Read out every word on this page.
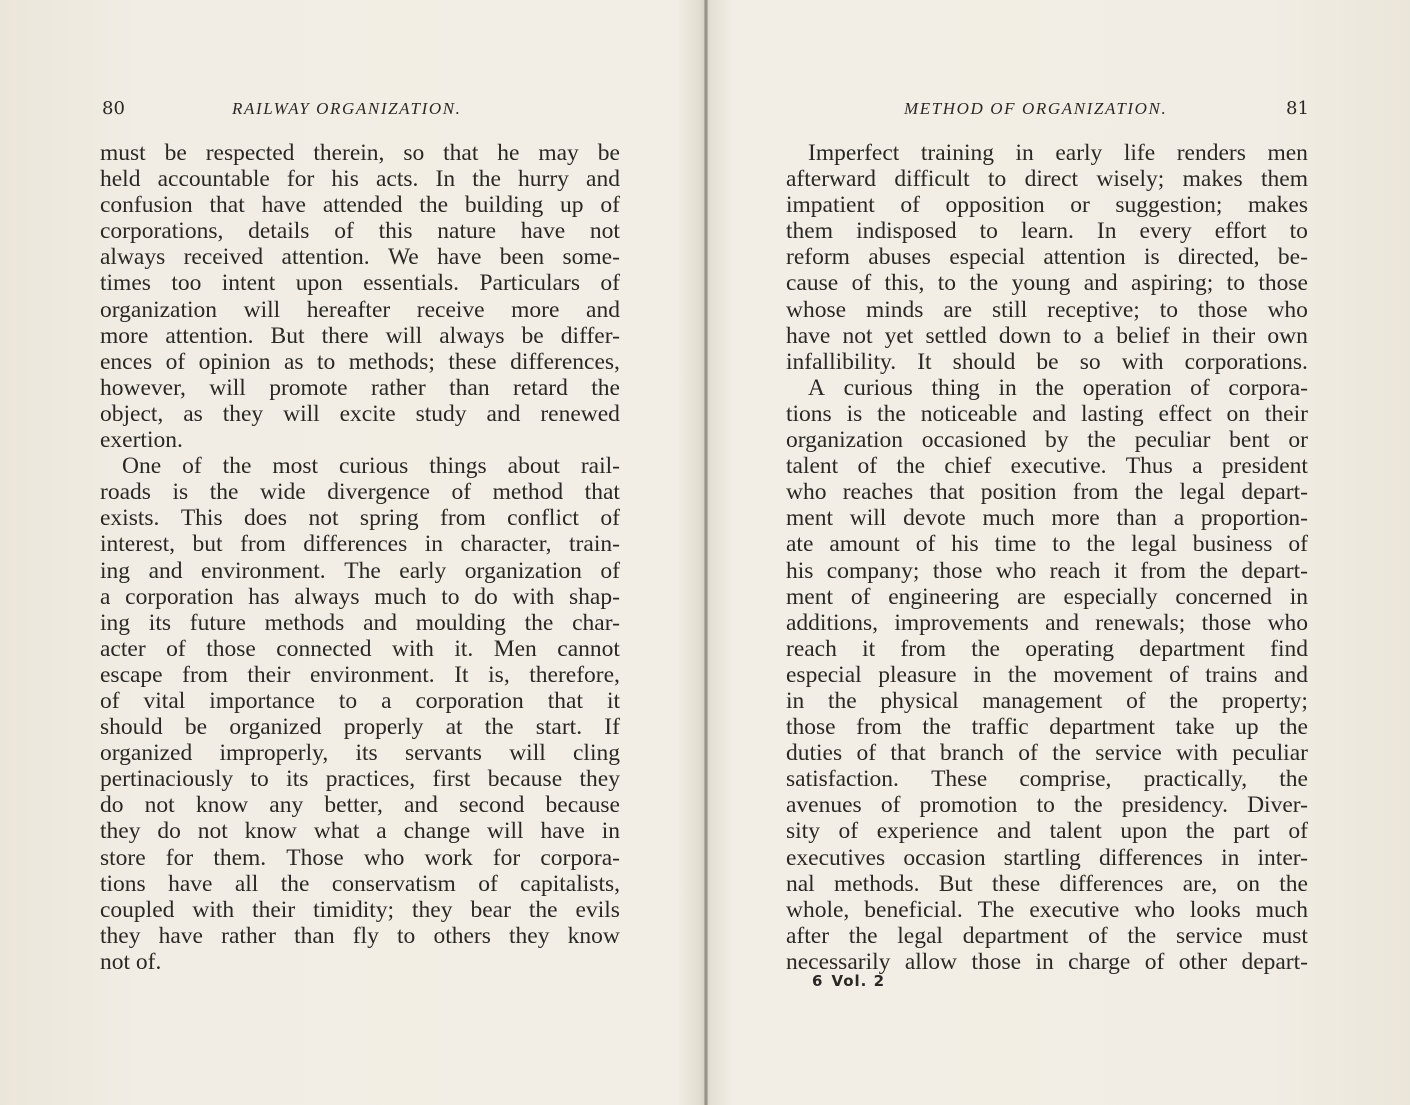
80	RAILWAY ORGANIZATION.
must be respected therein, so that he may be
held accountable for his acts. In the hurry and
confusion that have attended the building up of
corporations, details of this nature have not
always received attention. We have been some-
times too intent upon essentials. Particulars of
organization will hereafter receive more and
more attention. But there will always be differ-
ences of opinion as to methods; these differences,
however, will promote rather than retard the
object, as they will excite study and renewed
exertion.
One of the most curious things about rail-
roads is the wide divergence of method that
exists. This does not spring from conflict of
interest, but from differences in character, train-
ing and environment. The early organization of
a corporation has always much to do with shap-
ing its future methods and moulding the char-
acter of those connected with it. Men cannot
escape from their environment. It is, therefore,
of vital importance to a corporation that it
should be organized properly at the start. If
organized improperly, its servants will cling
pertinaciously to its practices, first because they
do not know any better, and second because
they do not know what a change will have in
store for them. Those who work for corpora-
tions have all the conservatism of capitalists,
coupled with their timidity; they bear the evils
they have rather than fly to others they know
not of.
METHOD OF ORGANIZATION.	81
Imperfect training in early life renders men
afterward difficult to direct wisely; makes them
impatient of opposition or suggestion; makes
them indisposed to learn. In every effort to
reform abuses especial attention is directed, be-
cause of this, to the young and aspiring; to those
whose minds are still receptive; to those who
have not yet settled down to a belief in their own
infallibility. It should be so with corporations.
A curious thing in the operation of corpora-
tions is the noticeable and lasting effect on their
organization occasioned by the peculiar bent or
talent of the chief executive. Thus a president
who reaches that position from the legal depart-
ment will devote much more than a proportion-
ate amount of his time to the legal business of
his company; those who reach it from the depart-
ment of engineering are especially concerned in
additions, improvements and renewals; those who
reach it from the operating department find
especial pleasure in the movement of trains and
in the physical management of the property;
those from the traffic department take up the
duties of that branch of the service with peculiar
satisfaction. These comprise, practically, the
avenues of promotion to the presidency. Diver-
sity of experience and talent upon the part of
executives occasion startling differences in inter-
nal methods. But these differences are, on the
whole, beneficial. The executive who looks much
after the legal department of the service must
necessarily allow those in charge of other depart-
6 Vol. 2
